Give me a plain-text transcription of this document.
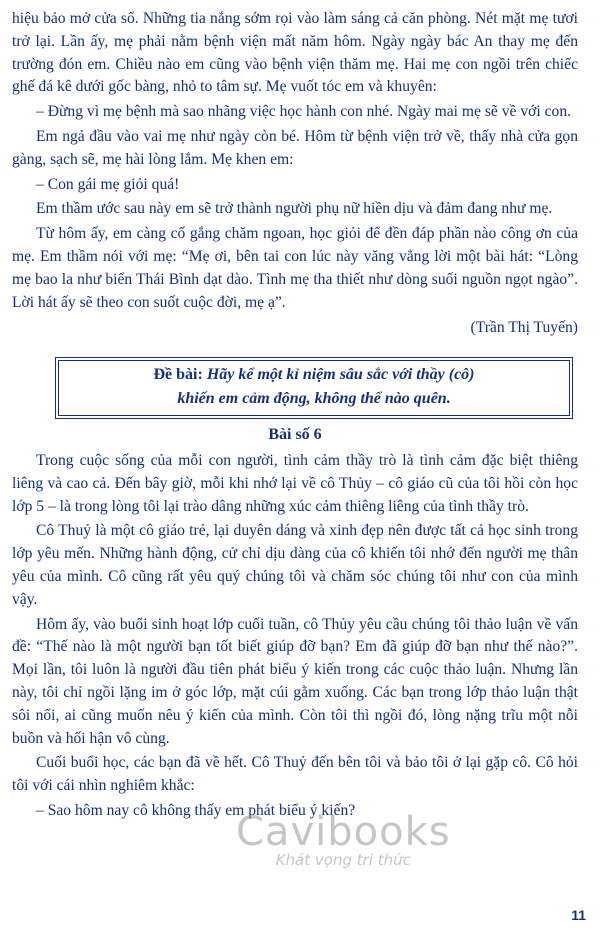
hiệu bảo mở cửa sổ. Những tia nắng sớm rọi vào làm sáng cả căn phòng. Nét mặt mẹ tươi trở lại. Lần ấy, mẹ phải nằm bệnh viện mất năm hôm. Ngày ngày bác An thay mẹ đến trường đón em. Chiều nào em cũng vào bệnh viện thăm mẹ. Hai mẹ con ngồi trên chiếc ghế đá kê dưới gốc bàng, nhỏ to tâm sự. Mẹ vuốt tóc em và khuyên:

– Đừng vì mẹ bệnh mà sao nhãng việc học hành con nhé. Ngày mai mẹ sẽ về với con.

Em ngả đầu vào vai mẹ như ngày còn bé. Hôm từ bệnh viện trở về, thấy nhà cửa gọn gàng, sạch sẽ, mẹ hài lòng lắm. Mẹ khen em:

– Con gái mẹ giỏi quá!

Em thầm ước sau này em sẽ trở thành người phụ nữ hiền dịu và đảm đang như mẹ.

Từ hôm ấy, em càng cố gắng chăm ngoan, học giỏi để đền đáp phần nào công ơn của mẹ. Em thầm nói với mẹ: “Mẹ ơi, bên tai con lúc này văng vẳng lời một bài hát: “Lòng mẹ bao la như biển Thái Bình dạt dào. Tình mẹ tha thiết như dòng suối nguồn ngọt ngào”. Lời hát ấy sẽ theo con suốt cuộc đời, mẹ ạ”.

(Trần Thị Tuyến)

Đề bài: Hãy kể một kỉ niệm sâu sắc với thầy (cô)
khiến em cảm động, không thể nào quên.
Bài số 6

Trong cuộc sống của mỗi con người, tình cảm thầy trò là tình cảm đặc biệt thiêng liêng và cao cả. Đến bây giờ, mỗi khi nhớ lại về cô Thủy – cô giáo cũ của tôi hồi còn học lớp 5 – là trong lòng tôi lại trào dâng những xúc cảm thiêng liêng của tình thầy trò.

Cô Thuỷ là một cô giáo trẻ, lại duyên dáng và xinh đẹp nên được tất cả học sinh trong lớp yêu mến. Những hành động, cử chỉ dịu dàng của cô khiến tôi nhớ đến người mẹ thân yêu của mình. Cô cũng rất yêu quý chúng tôi và chăm sóc chúng tôi như con của mình vậy.

Hôm ấy, vào buổi sinh hoạt lớp cuối tuần, cô Thủy yêu cầu chúng tôi thảo luận về vấn đề: “Thế nào là một người bạn tốt biết giúp đỡ bạn? Em đã giúp đỡ bạn như thế nào?”. Mọi lần, tôi luôn là người đầu tiên phát biểu ý kiến trong các cuộc thảo luận. Nhưng lần này, tôi chỉ ngồi lặng im ở góc lớp, mặt cúi gằm xuống. Các bạn trong lớp thảo luận thật sôi nổi, ai cũng muốn nêu ý kiến của mình. Còn tôi thì ngồi đó, lòng nặng trĩu một nỗi buồn và hối hận vô cùng.

Cuối buổi học, các bạn đã về hết. Cô Thuỷ đến bên tôi và bảo tôi ở lại gặp cô. Cô hỏi tôi với cái nhìn nghiêm khắc:

– Sao hôm nay cô không thấy em phát biểu ý kiến?

Cavibooks
Khát vọng tri thức
11
